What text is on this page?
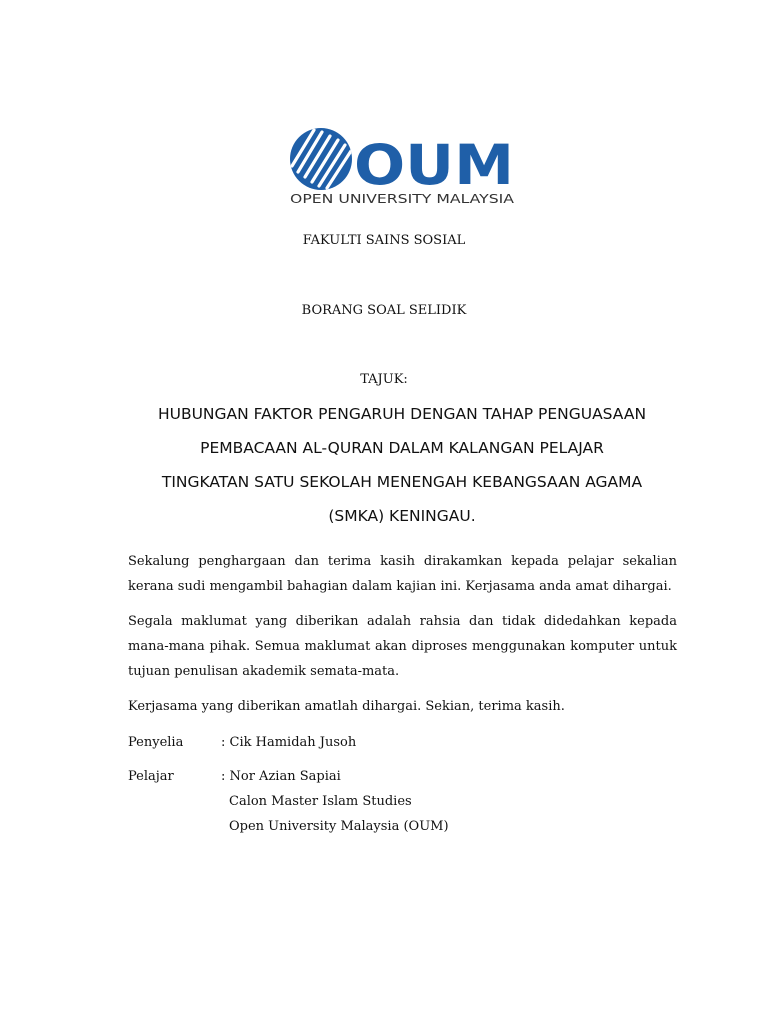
OUM
OPEN UNIVERSITY MALAYSIA
FAKULTI SAINS SOSIAL
BORANG SOAL SELIDIK
TAJUK:
HUBUNGAN FAKTOR PENGARUH DENGAN TAHAP PENGUASAAN
PEMBACAAN AL-QURAN DALAM KALANGAN PELAJAR
TINGKATAN SATU SEKOLAH MENENGAH KEBANGSAAN AGAMA
(SMKA) KENINGAU.

Sekalung penghargaan dan terima kasih dirakamkan kepada pelajar sekalian kerana sudi mengambil bahagian dalam kajian ini. Kerjasama anda amat dihargai.

Segala maklumat yang diberikan adalah rahsia dan tidak didedahkan kepada mana-mana pihak. Semua maklumat akan diproses menggunakan komputer untuk tujuan penulisan akademik semata-mata.

Kerjasama yang diberikan amatlah dihargai. Sekian, terima kasih.

Penyelia	: Cik Hamidah Jusoh
Pelajar	: Nor Azian Sapiai
Calon Master Islam Studies
Open University Malaysia (OUM)
